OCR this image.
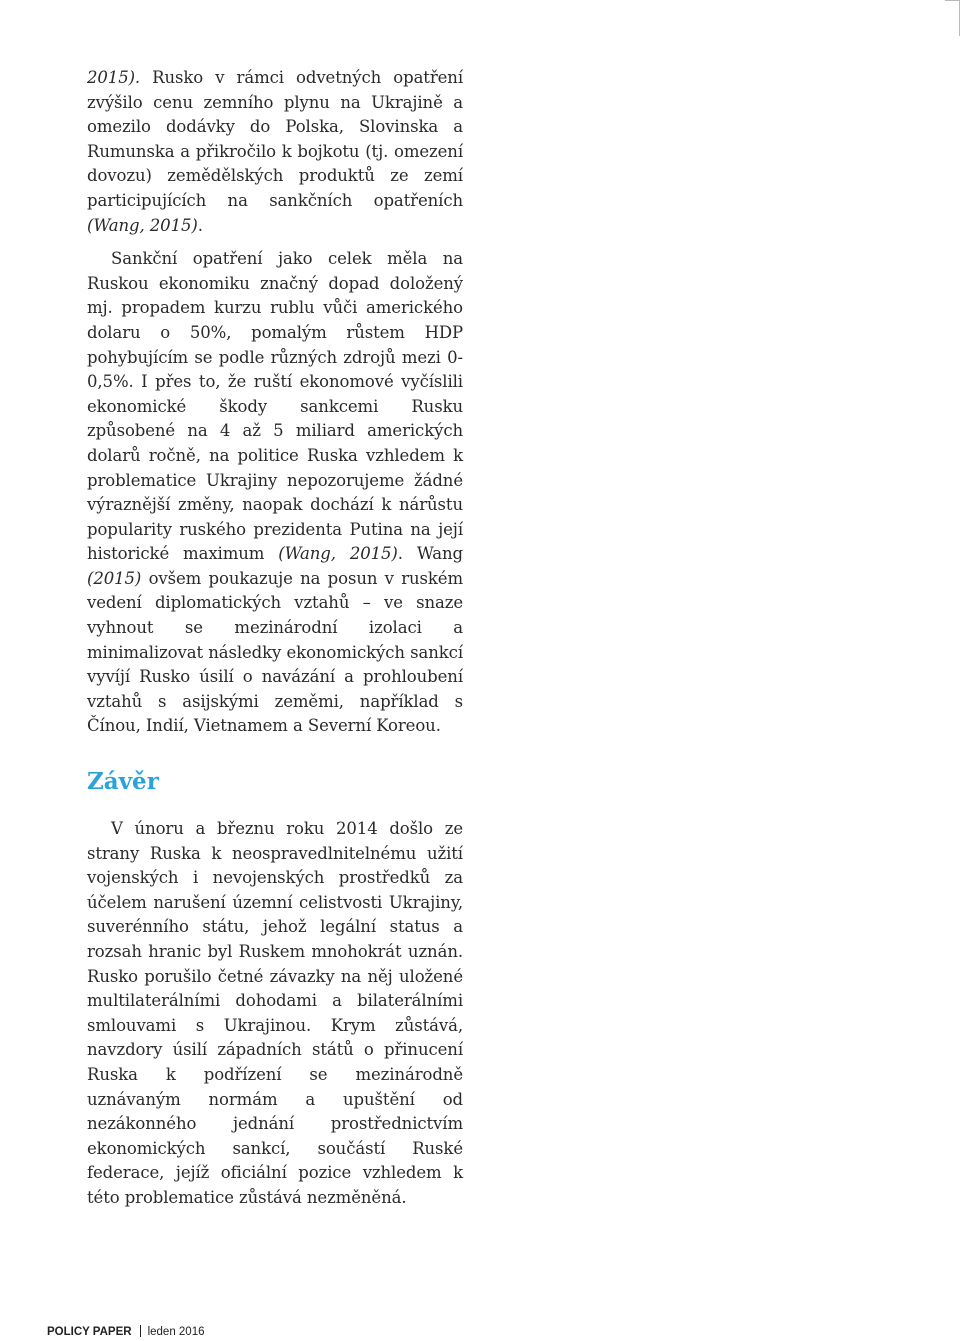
2015). Rusko v rámci odvetných opatření zvýšilo cenu zemního plynu na Ukrajině a omezilo dodávky do Polska, Slovinska a Rumunska a přikročilo k bojkotu (tj. omezení dovozu) zemědělských produktů ze zemí participujících na sankčních opatřeních (Wang, 2015).

Sankční opatření jako celek měla na Ruskou ekonomiku značný dopad doložený mj. propadem kurzu rublu vůči amerického dolaru o 50%, pomalým růstem HDP pohybujícím se podle různých zdrojů mezi 0-0,5%. I přes to, že ruští ekonomové vyčíslili ekonomické škody sankcemi Rusku způsobené na 4 až 5 miliard amerických dolarů ročně, na politice Ruska vzhledem k problematice Ukrajiny nepozorujeme žádné výraznější změny, naopak dochází k nárůstu popularity ruského prezidenta Putina na její historické maximum (Wang, 2015). Wang (2015) ovšem poukazuje na posun v ruském vedení diplomatických vztahů – ve snaze vyhnout se mezinárodní izolaci a minimalizovat následky ekonomických sankcí vyvíjí Rusko úsilí o navázání a prohloubení vztahů s asijskými zeměmi, například s Čínou, Indií, Vietnamem a Severní Koreou.

Závěr

V únoru a březnu roku 2014 došlo ze strany Ruska k neospravedlnitelnému užití vojenských i nevojenských prostředků za účelem narušení územní celistvosti Ukrajiny, suverénního státu, jehož legální status a rozsah hranic byl Ruskem mnohokrát uznán. Rusko porušilo četné závazky na něj uložené multilaterálními dohodami a bilaterálními smlouvami s Ukrajinou. Krym zůstává, navzdory úsilí západních států o přinucení Ruska k podřízení se mezinárodně uznávaným normám a upuštění od nezákonného jednání prostřednictvím ekonomických sankcí, součástí Ruské federace, jejíž oficiální pozice vzhledem k této problematice zůstává nezměněná.

POLICY PAPER leden 2016
